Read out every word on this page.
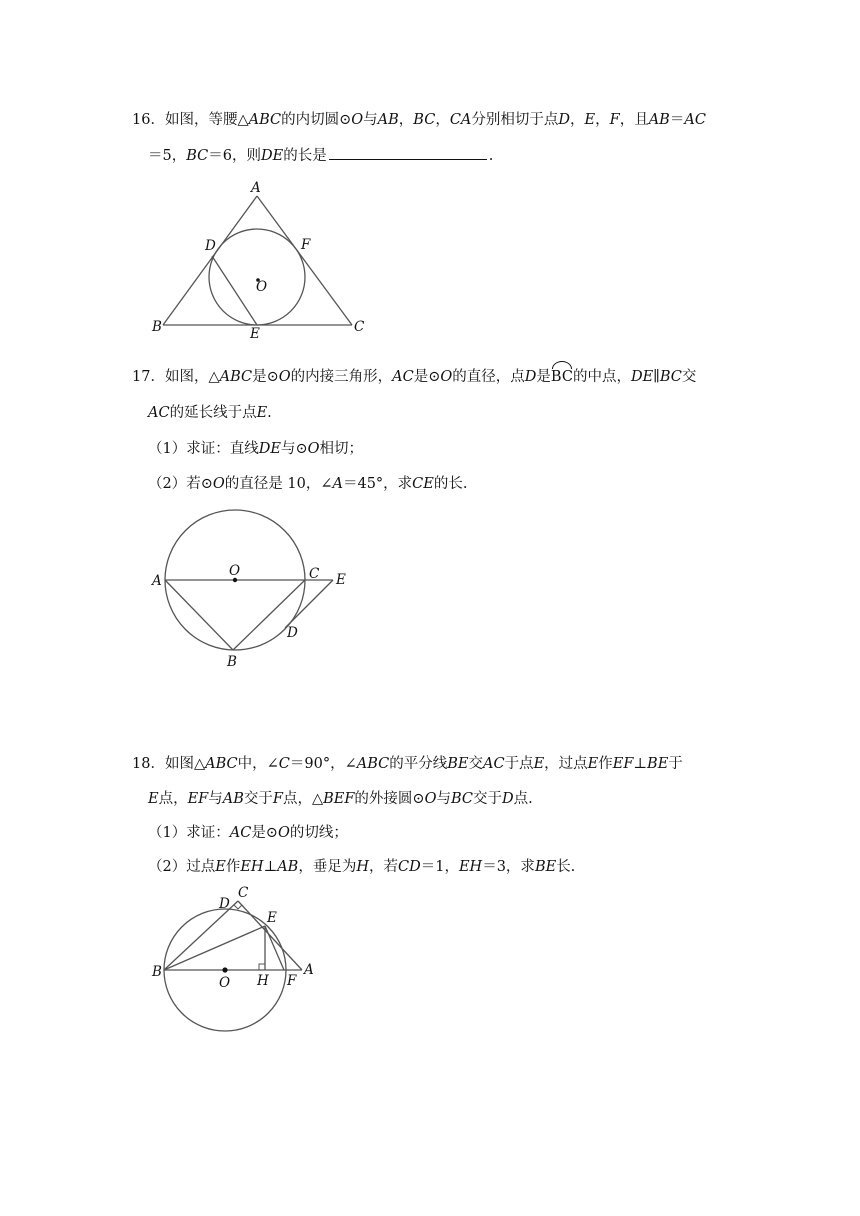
16．如图，等腰△ABC的内切圆⊙O与AB，BC，CA分别相切于点D，E，F，且AB＝AC
＝5，BC＝6，则DE的长是	.
A
D	F
O
B	E	C
17．如图，△ABC是⊙O的内接三角形，AC是⊙O的直径，点D是BC的中点，DE∥BC交
AC的延长线于点E.
（1）求证：直线DE与⊙O相切；
（2）若⊙O的直径是 10，∠A＝45°，求CE的长.
O	C E
A
D
B
18．如图△ABC中，∠C＝90°，∠ABC的平分线BE交AC于点E，过点E作EF⊥BE于
E点，EF与AB交于F点，△BEF的外接圆⊙O与BC交于D点.
（1）求证：AC是⊙O的切线；
（2）过点E作EH⊥AB，垂足为H，若CD＝1，EH＝3，求BE长.
C
D
E
B
O H F
A
